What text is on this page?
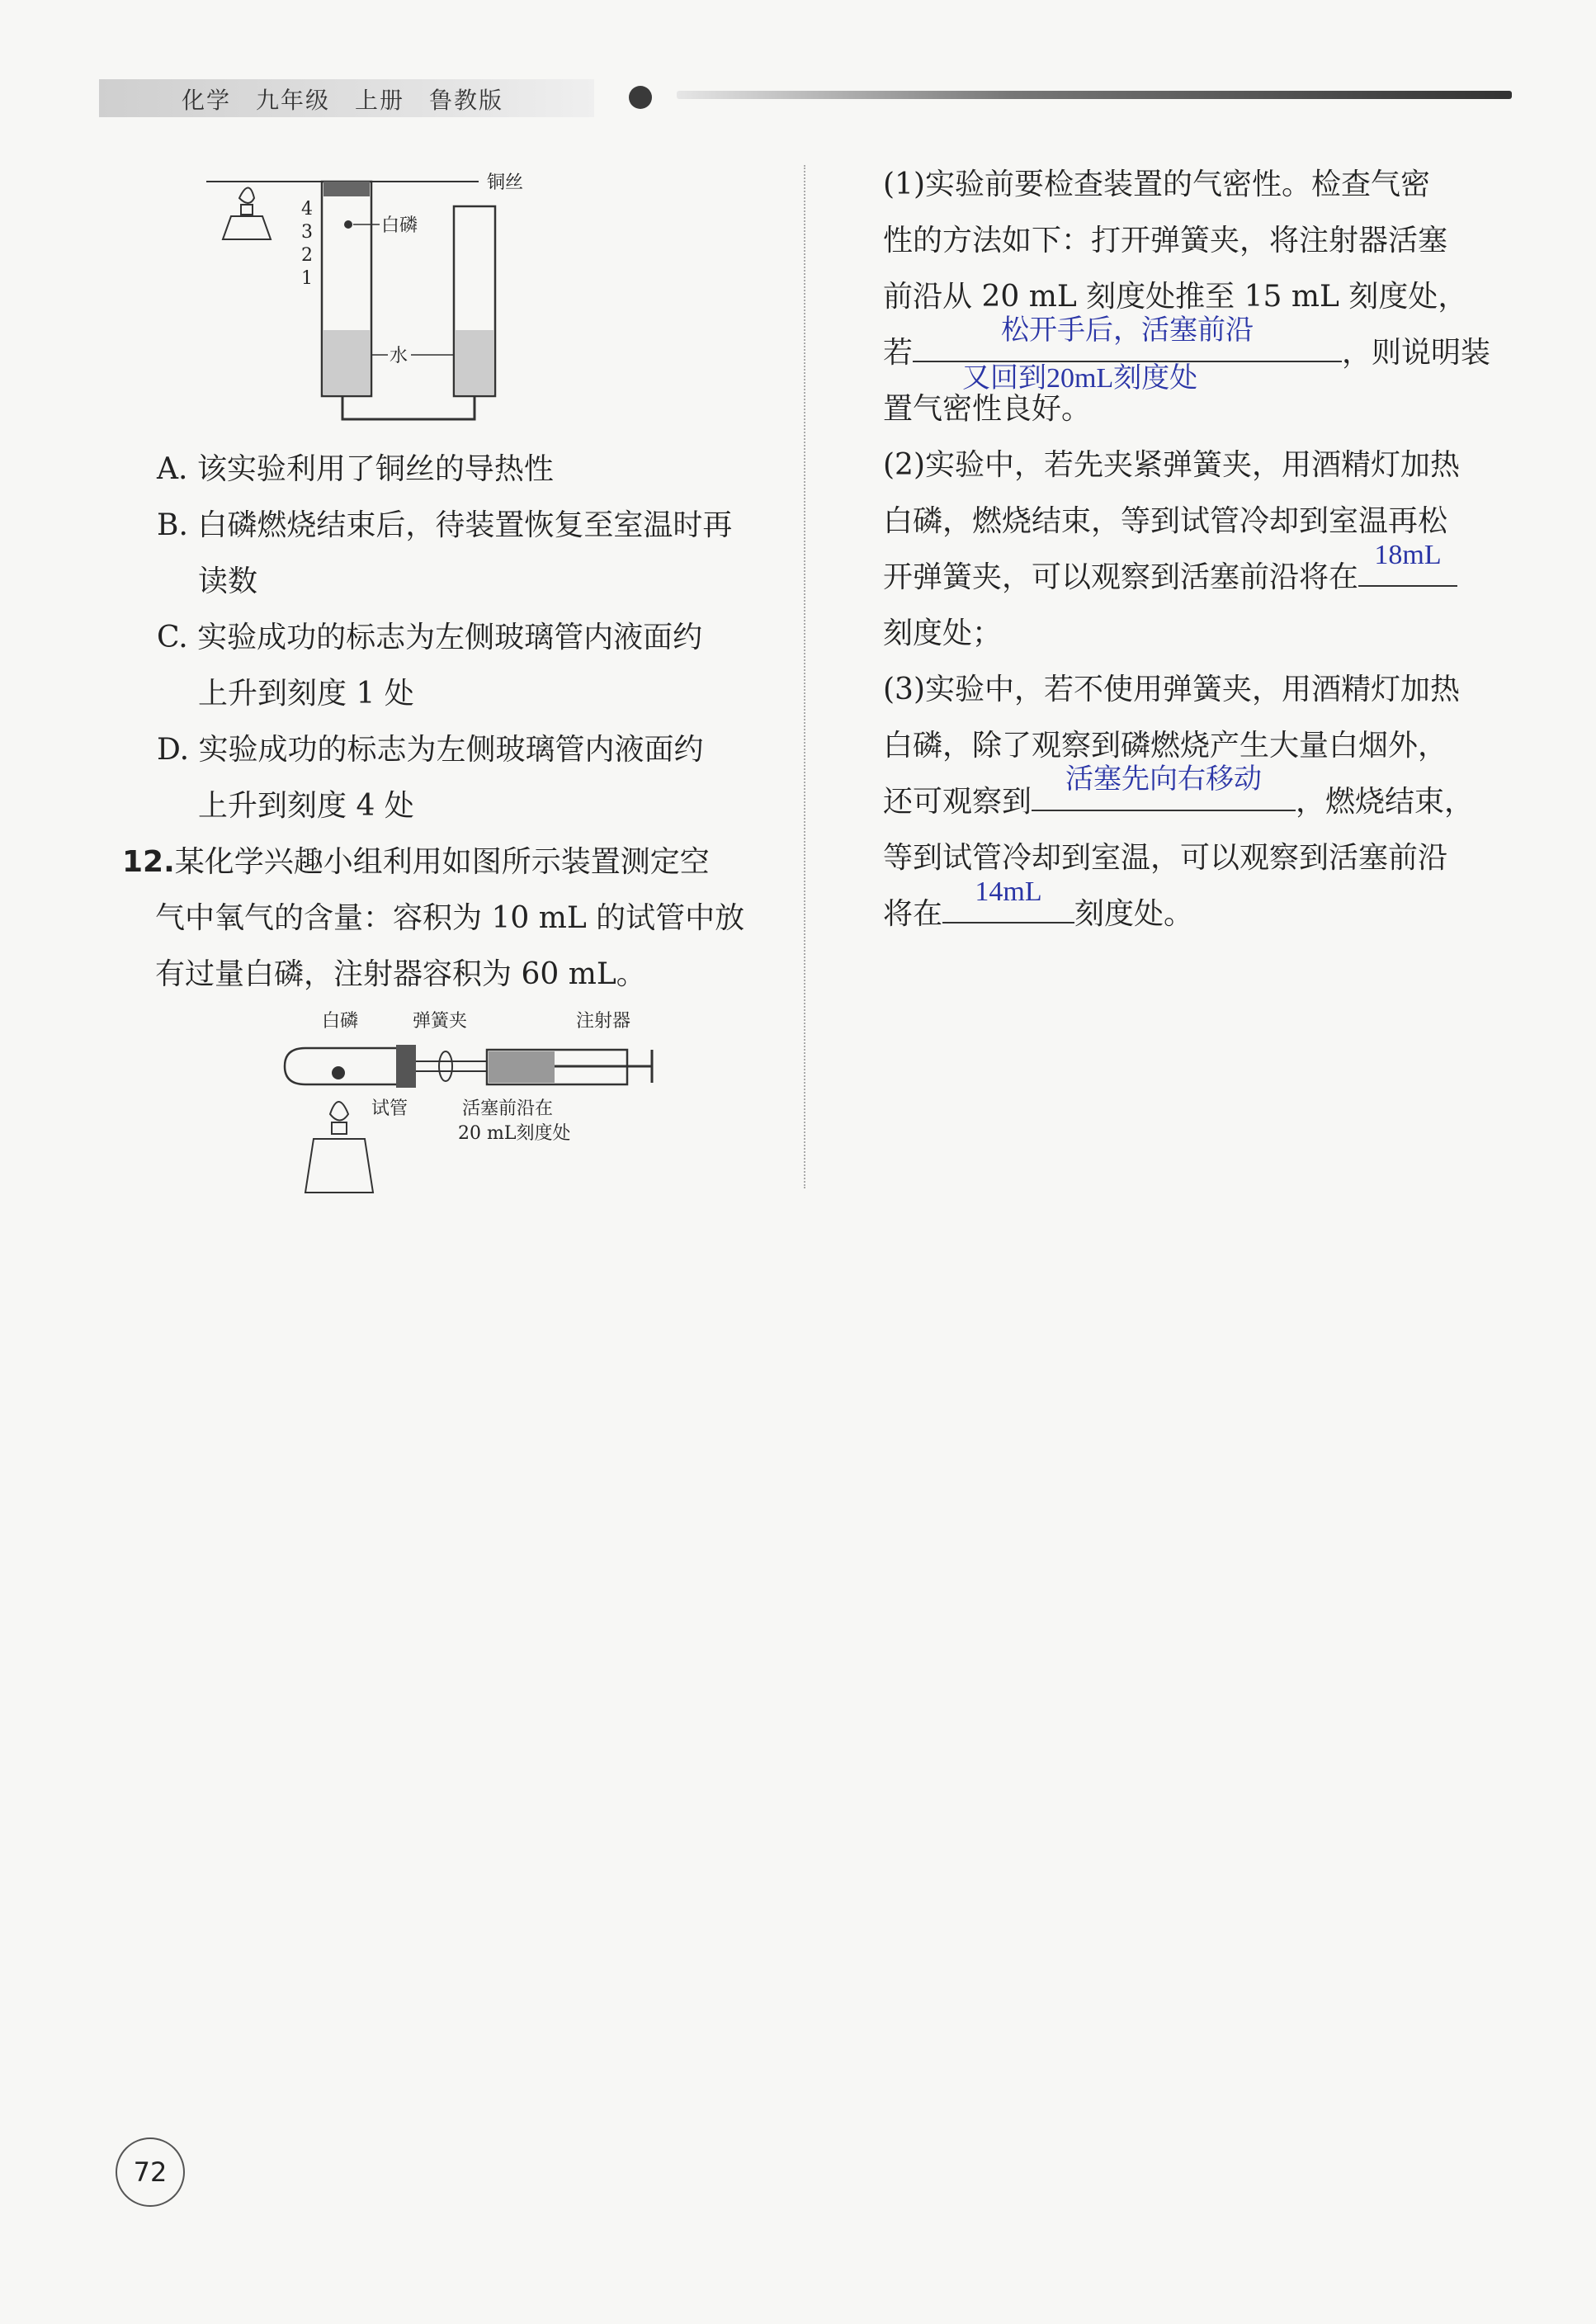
化学　九年级　上册　鲁教版
铜丝
4
3
2
1
白磷
水
A. 该实验利用了铜丝的导热性
B. 白磷燃烧结束后，待装置恢复至室温时再
读数
C. 实验成功的标志为左侧玻璃管内液面约
上升到刻度 1 处
D. 实验成功的标志为左侧玻璃管内液面约
上升到刻度 4 处
12.某化学兴趣小组利用如图所示装置测定空
气中氧气的含量：容积为 10 mL 的试管中放
有过量白磷，注射器容积为 60 mL。
白磷	弹簧夹	注射器
试管	活塞前沿在
20 mL刻度处
(1)实验前要检查装置的气密性。检查气密
性的方法如下：打开弹簧夹，将注射器活塞
前沿从 20 mL 刻度处推至 15 mL 刻度处，
若
松开手后，活塞前沿
又回到20mL刻度处
，则说明装
置气密性良好。
(2)实验中，若先夹紧弹簧夹，用酒精灯加热
白磷，燃烧结束，等到试管冷却到室温再松
开弹簧夹，可以观察到活塞前沿将在
18mL
刻度处；
(3)实验中，若不使用弹簧夹，用酒精灯加热
白磷，除了观察到磷燃烧产生大量白烟外，
还可观察到
活塞先向右移动
，燃烧结束，
等到试管冷却到室温，可以观察到活塞前沿
将在
14mL
刻度处。
72
